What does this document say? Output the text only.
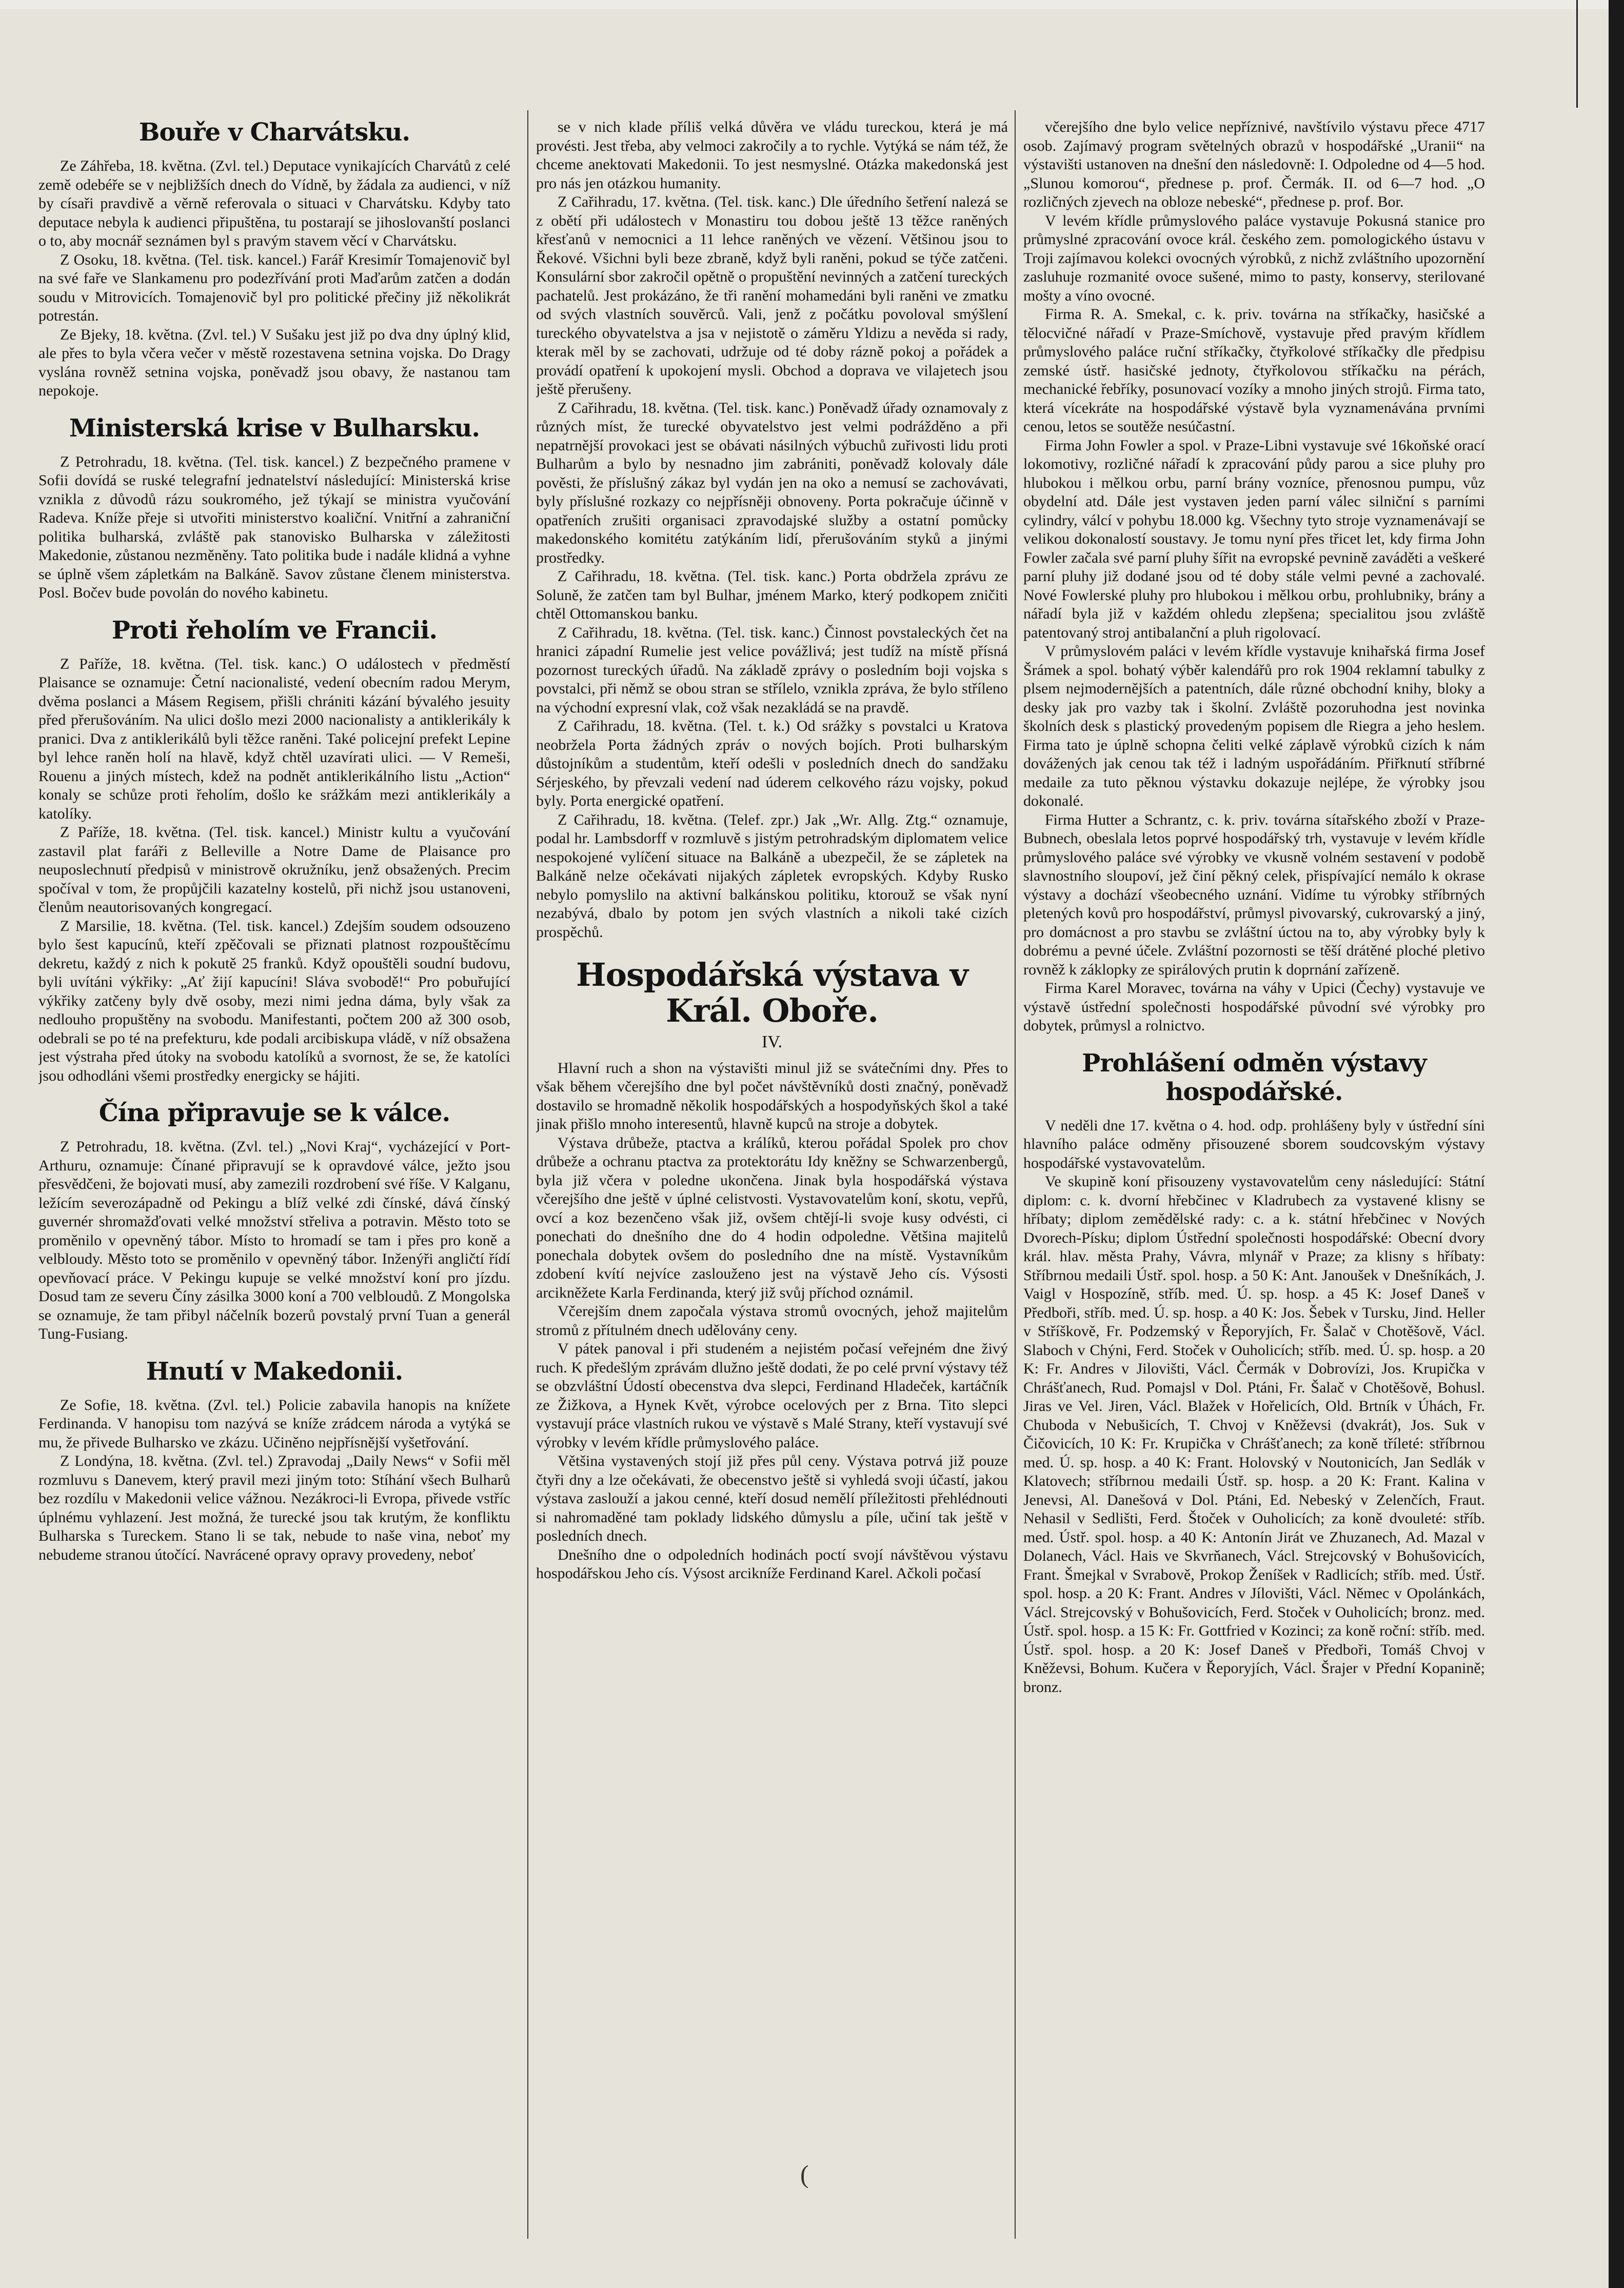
Bouře v Charvátsku.

Ze Záhřeba, 18. května. (Zvl. tel.) Deputace vynikajících Charvátů z celé země odebéře se v nejbližších dnech do Vídně, by žádala za audienci, v níž by císaři pravdivě a věrně referovala o situaci v Charvátsku. Kdyby tato deputace nebyla k audienci připuštěna, tu postarají se jihoslovanští poslanci o to, aby mocnář seznámen byl s pravým stavem věcí v Charvátsku.

Z Osoku, 18. května. (Tel. tisk. kancel.) Farář Kresimír Tomajenovič byl na své faře ve Slankamenu pro podezřívání proti Maďarům zatčen a dodán soudu v Mitrovicích. Tomajenovič byl pro politické přečiny již několikrát potrestán.

Ze Bjeky, 18. května. (Zvl. tel.) V Sušaku jest již po dva dny úplný klid, ale přes to byla včera večer v městě rozestavena setnina vojska. Do Dragy vyslána rovněž setnina vojska, poněvadž jsou obavy, že nastanou tam nepokoje.

Ministerská krise v Bulharsku.

Z Petrohradu, 18. května. (Tel. tisk. kancel.) Z bezpečného pramene v Sofii dovídá se ruské telegrafní jednatelství následující: Ministerská krise vznikla z důvodů rázu soukromého, jež týkají se ministra vyučování Radeva. Kníže přeje si utvořiti ministerstvo koaliční. Vnitřní a zahraniční politika bulharská, zvláště pak stanovisko Bulharska v záležitosti Makedonie, zůstanou nezměněny. Tato politika bude i nadále klidná a vyhne se úplně všem zápletkám na Balkáně. Savov zůstane členem ministerstva. Posl. Bočev bude povolán do nového kabinetu.

Proti řeholím ve Francii.

Z Paříže, 18. května. (Tel. tisk. kanc.) O událostech v předměstí Plaisance se oznamuje: Četní nacionalisté, vedení obecním radou Merym, dvěma poslanci a Másem Regisem, přišli chrániti kázání bývalého jesuity před přerušováním. Na ulici došlo mezi 2000 nacionalisty a antiklerikály k pranici. Dva z antiklerikálů byli těžce raněni. Také policejní prefekt Lepine byl lehce raněn holí na hlavě, když chtěl uzavírati ulici. — V Remeši, Rouenu a jiných místech, kdež na podnět antiklerikálního listu „Action“ konaly se schůze proti řeholím, došlo ke srážkám mezi antiklerikály a katolíky.

Z Paříže, 18. května. (Tel. tisk. kancel.) Ministr kultu a vyučování zastavil plat faráři z Belleville a Notre Dame de Plaisance pro neuposlechnutí předpisů v ministrově okružníku, jenž obsažených. Precim spočíval v tom, že propůjčili kazatelny kostelů, při nichž jsou ustanoveni, členům neautorisovaných kongregací.

Z Marsilie, 18. května. (Tel. tisk. kancel.) Zdejším soudem odsouzeno bylo šest kapucínů, kteří zpěčovali se přiznati platnost rozpouštěcímu dekretu, každý z nich k pokutě 25 franků. Když opouštěli soudní budovu, byli uvítáni výkřiky: „Ať žijí kapucíni! Sláva svobodě!“ Pro pobuřující výkřiky zatčeny byly dvě osoby, mezi nimi jedna dáma, byly však za nedlouho propuštěny na svobodu. Manifestanti, počtem 200 až 300 osob, odebrali se po té na prefekturu, kde podali arcibiskupa vládě, v níž obsažena jest výstraha před útoky na svobodu katolíků a svornost, že se, že katolíci jsou odhodláni všemi prostředky energicky se hájiti.

Čína připravuje se k válce.

Z Petrohradu, 18. května. (Zvl. tel.) „Novi Kraj“, vycházející v Port-Arthuru, oznamuje: Čínané připravují se k opravdové válce, ježto jsou přesvědčeni, že bojovati musí, aby zamezili rozdrobení své říše. V Kalganu, ležícím severozápadně od Pekingu a blíž velké zdi čínské, dává čínský guvernér shromažďovati velké množství střeliva a potravin. Město toto se proměnilo v opevněný tábor. Místo to hromadí se tam i přes pro koně a velbloudy. Město toto se proměnilo v opevněný tábor. Inženýři angličtí řídí opevňovací práce. V Pekingu kupuje se velké množství koní pro jízdu. Dosud tam ze severu Číny zásilka 3000 koní a 700 velbloudů. Z Mongolska se oznamuje, že tam přibyl náčelník bozerů povstalý první Tuan a generál Tung-Fusiang.

Hnutí v Makedonii.

Ze Sofie, 18. května. (Zvl. tel.) Policie zabavila hanopis na knížete Ferdinanda. V hanopisu tom nazývá se kníže zrádcem národa a vytýká se mu, že přivede Bulharsko ve zkázu. Učiněno nejpřísnější vyšetřování.

Z Londýna, 18. května. (Zvl. tel.) Zpravodaj „Daily News“ v Sofii měl rozmluvu s Danevem, který pravil mezi jiným toto: Stíhání všech Bulharů bez rozdílu v Makedonii velice vážnou. Nezákroci-li Evropa, přivede vstříc úplnému vyhlazení. Jest možná, že turecké jsou tak krutým, že konfliktu Bulharska s Tureckem. Stano li se tak, nebude to naše vina, neboť my nebudeme stranou útočící. Navrácené opravy opravy provedeny, neboť

se v nich klade příliš velká důvěra ve vládu tureckou, která je má provésti. Jest třeba, aby velmoci zakročily a to rychle. Vytýká se nám též, že chceme anektovati Makedonii. To jest nesmyslné. Otázka makedonská jest pro nás jen otázkou humanity.

Z Cařihradu, 17. května. (Tel. tisk. kanc.) Dle úředního šetření nalezá se z obětí při událostech v Monastiru tou dobou ještě 13 těžce raněných křesťanů v nemocnici a 11 lehce raněných ve vězení. Většinou jsou to Řekové. Všichni byli beze zbraně, když byli raněni, pokud se týče zatčeni. Konsulární sbor zakročil opětně o propuštění nevinných a zatčení tureckých pachatelů. Jest prokázáno, že tři ranění mohamedáni byli raněni ve zmatku od svých vlastních souvěrců. Vali, jenž z počátku povoloval smýšlení tureckého obyvatelstva a jsa v nejistotě o záměru Yldizu a nevěda si rady, kterak měl by se zachovati, udržuje od té doby rázně pokoj a pořádek a provádí opatření k upokojení mysli. Obchod a doprava ve vilajetech jsou ještě přerušeny.

Z Cařihradu, 18. května. (Tel. tisk. kanc.) Poněvadž úřady oznamovaly z různých míst, že turecké obyvatelstvo jest velmi podrážděno a při nepatrnější provokaci jest se obávati násilných výbuchů zuřivosti lidu proti Bulharům a bylo by nesnadno jim zabrániti, poněvadž kolovaly dále pověsti, že příslušný zákaz byl vydán jen na oko a nemusí se zachovávati, byly příslušné rozkazy co nejpřísněji obnoveny. Porta pokračuje účinně v opatřeních zrušiti organisaci zpravodajské služby a ostatní pomůcky makedonského komitétu zatýkáním lidí, přerušováním styků a jinými prostředky.

Z Cařihradu, 18. května. (Tel. tisk. kanc.) Porta obdržela zprávu ze Soluně, že zatčen tam byl Bulhar, jménem Marko, který podkopem zničiti chtěl Ottomanskou banku.

Z Cařihradu, 18. května. (Tel. tisk. kanc.) Činnost povstaleckých čet na hranici západní Rumelie jest velice povážlivá; jest tudíž na místě přísná pozornost tureckých úřadů. Na základě zprávy o posledním boji vojska s povstalci, při němž se obou stran se střílelo, vznikla zpráva, že bylo střílenо na východní expresní vlak, což však nezakládá se na pravdě.

Z Cařihradu, 18. května. (Tel. t. k.) Od srážky s povstalci u Kratova neobržela Porta žádných zpráv o nových bojích. Proti bulharským důstojníkům a studentům, kteří odešli v posledních dnech do sandžaku Sérjeského, by převzali vedení nad úderem celkového rázu vojsky, pokud byly. Porta energické opatření.

Z Cařihradu, 18. května. (Telef. zpr.) Jak „Wr. Allg. Ztg.“ oznamuje, podal hr. Lambsdorff v rozmluvě s jistým petrohradským diplomatem velice nespokojené vylíčení situace na Balkáně a ubezpečil, že se zápletek na Balkáně nelze očekávati nijakých zápletek evropských. Kdyby Rusko nebylo pomyslilo na aktivní balkánskou politiku, ktorouž se však nyní nezabývá, dbalo by potom jen svých vlastních a nikoli také cizích prospěchů.

Hospodářská výstava v Král. Oboře.

IV.

Hlavní ruch a shon na výstavišti minul již se svátečními dny. Přes to však během včerejšího dne byl počet návštěvníků dosti značný, poněvadž dostavilo se hromadně několik hospodářských a hospodyňských škol a také jinak přišlo mnoho interesentů, hlavně kupců na stroje a dobytek.

Výstava drůbeže, ptactva a králíků, kterou pořádal Spolek pro chov drůbeže a ochranu ptactva za protektorátu Idy kněžny se Schwarzenbergů, byla již včera v poledne ukončena. Jinak byla hospodářská výstava včerejšího dne ještě v úplné celistvosti. Vystavovatelům koní, skotu, vepřů, ovcí a koz bezenčeno však již, ovšem chtějí-li svoje kusy odvésti, ci ponechati do dnešního dne do 4 hodin odpoledne. Většina majitelů ponechala dobytek ovšem do posledního dne na místě. Vystavníkům zdobení kvítí nejvíce zaslouženo jest na výstavě Jeho cís. Výsosti arcikněžete Karla Ferdinanda, který již svůj příchod oznámil.

Včerejším dnem započala výstava stromů ovocných, jehož majitelům stromů z přítulném dnech udělovány ceny.

V pátek panoval i při studeném a nejistém počasí veřejném dne živý ruch. K předešlým zprávám dlužno ještě dodati, že po celé první výstavy též se obzvláštní Údostí obecenstva dva slepci, Ferdinand Hladeček, kartáčník ze Žižkova, a Hynek Květ, výrobce ocelových per z Brna. Tito slepci vystavují práce vlastních rukou ve výstavě s Malé Strany, kteří vystavují své výrobky v levém křídle průmyslového paláce.

Většina vystavených stojí již přes půl ceny. Výstava potrvá již pouze čtyři dny a lze očekávati, že obecenstvo ještě si vyhledá svoji účastí, jakou výstava zaslouží a jakou cenné, kteří dosud nemělí příležitosti přehlédnouti si nahromaděné tam poklady lidského důmyslu a píle, učiní tak ještě v posledních dnech.

Dnešního dne o odpoledních hodinách poctí svojí návštěvou výstavu hospodářskou Jeho cís. Výsost arcikníže Ferdinand Karel. Ačkoli počasí

včerejšího dne bylo velice nepříznivé, navštívilo výstavu přece 4717 osob. Zajímavý program světelných obrazů v hospodářské „Uranii“ na výstavišti ustanoven na dnešní den následovně: I. Odpoledne od 4—5 hod. „Slunou komorou“, přednese p. prof. Čermák. II. od 6—7 hod. „O rozličných zjevech na obloze nebeské“, přednese p. prof. Bor.

V levém křídle průmyslového paláce vystavuje Pokusná stanice pro průmyslné zpracování ovoce král. českého zem. pomologického ústavu v Troji zajímavou kolekci ovocných výrobků, z nichž zvláštního upozornění zasluhuje rozmanité ovoce sušené, mimo to pasty, konservy, sterilované mošty a víno ovocné.

Firma R. A. Smekal, c. k. priv. továrna na stříkačky, hasičské a tělocvičné nářadí v Praze-Smíchově, vystavuje před pravým křídlem průmyslového paláce ruční stříkačky, čtyřkolové stříkačky dle předpisu zemské ústř. hasičské jednoty, čtyřkolovou stříkačku na pérách, mechanické řebříky, posunovací vozíky a mnoho jiných strojů. Firma tato, která vícekráte na hospodářské výstavě byla vyznamenávána prvními cenou, letos se soutěže nesúčastní.

Firma John Fowler a spol. v Praze-Libni vystavuje své 16koňské orací lokomotivy, rozličné nářadí k zpracování půdy parou a sice pluhy pro hlubokou i mělkou orbu, parní brány vozníce, přenosnou pumpu, vůz obydelní atd. Dále jest vystaven jeden parní válec silniční s parními cylindry, válcí v pohybu 18.000 kg. Všechny tyto stroje vyznamenávají se velikou dokonalostí soustavy. Je tomu nyní přes třicet let, kdy firma John Fowler začala své parní pluhy šířit na evropské pevnině zaváděti a veškeré parní pluhy již dodané jsou od té doby stále velmi pevné a zachovalé. Nové Fowlerské pluhy pro hlubokou i mělkou orbu, prohlubniky, brány a nářadí byla již v každém ohledu zlepšena; specialitou jsou zvláště patentovaný stroj antibalanční a pluh rigolovací.

V průmyslovém paláci v levém křídle vystavuje knihařská firma Josef Šrámek a spol. bohatý výběr kalendářů pro rok 1904 reklamní tabulky z plsem nejmodernějších a patentních, dále různé obchodní knihy, bloky a desky jak pro vazby tak i školní. Zvláště pozoruhodna jest novinka školních desk s plastický provedeným popisem dle Riegra a jeho heslem. Firma tato je úplně schopna čeliti velké záplavě výrobků cizích k nám dovážených jak cenou tak též i ladným uspořádáním. Přiřknutí stříbrné medaile za tuto pěknou výstavku dokazuje nejlépe, že výrobky jsou dokonalé.

Firma Hutter a Schrantz, c. k. priv. továrna sítařského zboží v Praze-Bubnech, obeslala letos poprvé hospodářský trh, vystavuje v levém křídle průmyslového paláce své výrobky ve vkusně volném sestavení v podobě slavnostního sloupoví, jež činí pěkný celek, přispívající nemálo k okrase výstavy a dochází všeobecného uznání. Vidíme tu výrobky stříbrných pletených kovů pro hospodářství, průmysl pivovarský, cukrovarský a jiný, pro domácnost a pro stavbu se zvláštní úctou na to, aby výrobky byly k dobrému a pevné účele. Zvláštní pozornosti se těší drátěné ploché pletivo rovněž k záklopky ze spirálových prutin k doprnání zařízeně.

Firma Karel Moravec, továrna na váhy v Upici (Čechy) vystavuje ve výstavě ústřední společnosti hospodářské původní své výrobky pro dobytek, průmysl a rolnictvo.

Prohlášení odměn výstavy hospodářské.

V neděli dne 17. května o 4. hod. odp. prohlášeny byly v ústřední síni hlavního paláce odměny přisouzené sborem soudcovským výstavy hospodářské vystavovatelům.

Ve skupině koní přisouzeny vystavovatelům ceny následující: Státní diplom: c. k. dvorní hřebčinec v Kladrubech za vystavené klisny se hříbaty; diplom zemědělské rady: c. a k. státní hřebčinec v Nových Dvorech-Písku; diplom Ústřední společnosti hospodářské: Obecní dvory král. hlav. města Prahy, Vávra, mlynář v Praze; za klisny s hříbaty: Stříbrnou medaili Ústř. spol. hosp. a 50 K: Ant. Janoušek v Dnešníkách, J. Vaigl v Hospozíně, stříb. med. Ú. sp. hosp. a 45 K: Josef Daneš v Předboři, stříb. med. Ú. sp. hosp. a 40 K: Jos. Šebek v Tursku, Jind. Heller v Stříškově, Fr. Podzemský v Řeporyjích, Fr. Šalač v Chotěšově, Václ. Slaboch v Chýni, Ferd. Stoček v Ouholicích; stříb. med. Ú. sp. hosp. a 20 K: Fr. Andres v Jilovišti, Václ. Čermák v Dobrovízi, Jos. Krupička v Chrášťanech, Rud. Pomajsl v Dol. Ptáni, Fr. Šalač v Chotěšově, Bohusl. Jiras ve Vel. Jiren, Václ. Blažek v Hořelicích, Old. Brtník v Úhách, Fr. Chuboda v Nebušicích, T. Chvoj v Kněževsi (dvakrát), Jos. Suk v Čičovicích, 10 K: Fr. Krupička v Chrášťanech; za koně tříleté: stříbrnou med. Ú. sp. hosp. a 40 K: Frant. Holovský v Noutonicích, Jan Sedlák v Klatovech; stříbrnou medaili Ústř. sp. hosp. a 20 K: Frant. Kalina v Jenevsi, Al. Danešová v Dol. Ptáni, Ed. Nebeský v Zelenčích, Fraut. Nehasil v Sedlišti, Ferd. Štoček v Ouholicích; za koně dvouleté: stříb. med. Ústř. spol. hosp. a 40 K: Antonín Jirát ve Zhuzanech, Ad. Mazal v Dolanech, Václ. Hais ve Skvrňanech, Václ. Strejcovský v Bohušovicích, Frant. Šmejkal v Svrabově, Prokop Ženíšek v Radlicích; stříb. med. Ústř. spol. hosp. a 20 K: Frant. Andres v Jílovišti, Václ. Němec v Opolánkách, Václ. Strejcovský v Bohušovicích, Ferd. Stoček v Ouholicích; bronz. med. Ústř. spol. hosp. a 15 K: Fr. Gottfried v Kozinci; za koně roční: stříb. med. Ústř. spol. hosp. a 20 K: Josef Daneš v Předboři, Tomáš Chvoj v Kněževsi, Bohum. Kučera v Řeporyjích, Václ. Šrajer v Přední Kopanině; bronz.

(
